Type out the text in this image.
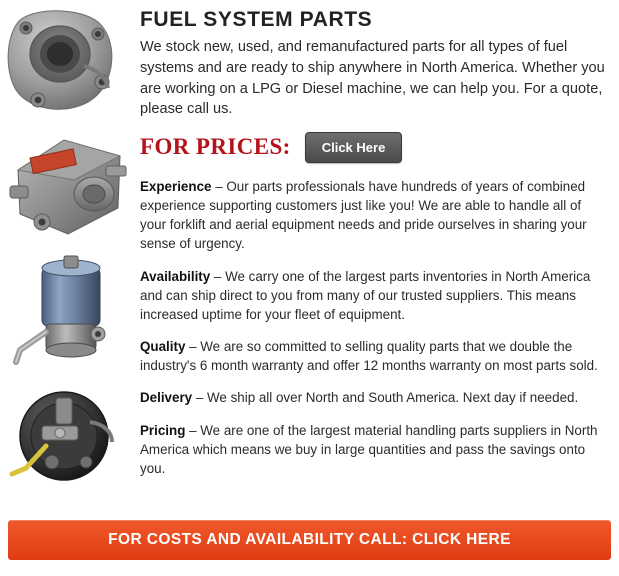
FUEL SYSTEM PARTS

We stock new, used, and remanufactured parts for all types of fuel systems and are ready to ship anywhere in North America. Whether you are working on a LPG or Diesel machine, we can help you. For a quote, please call us.

FOR PRICES:	Click Here

Experience – Our parts professionals have hundreds of years of combined experience supporting customers just like you! We are able to handle all of your forklift and aerial equipment needs and pride ourselves in sharing your sense of urgency.

Availability – We carry one of the largest parts inventories in North America and can ship direct to you from many of our trusted suppliers. This means increased uptime for your fleet of equipment.

Quality – We are so committed to selling quality parts that we double the industry's 6 month warranty and offer 12 months warranty on most parts sold.

Delivery – We ship all over North and South America. Next day if needed.

Pricing – We are one of the largest material handling parts suppliers in North America which means we buy in large quantities and pass the savings onto you.

FOR COSTS AND AVAILABILITY CALL: CLICK HERE
